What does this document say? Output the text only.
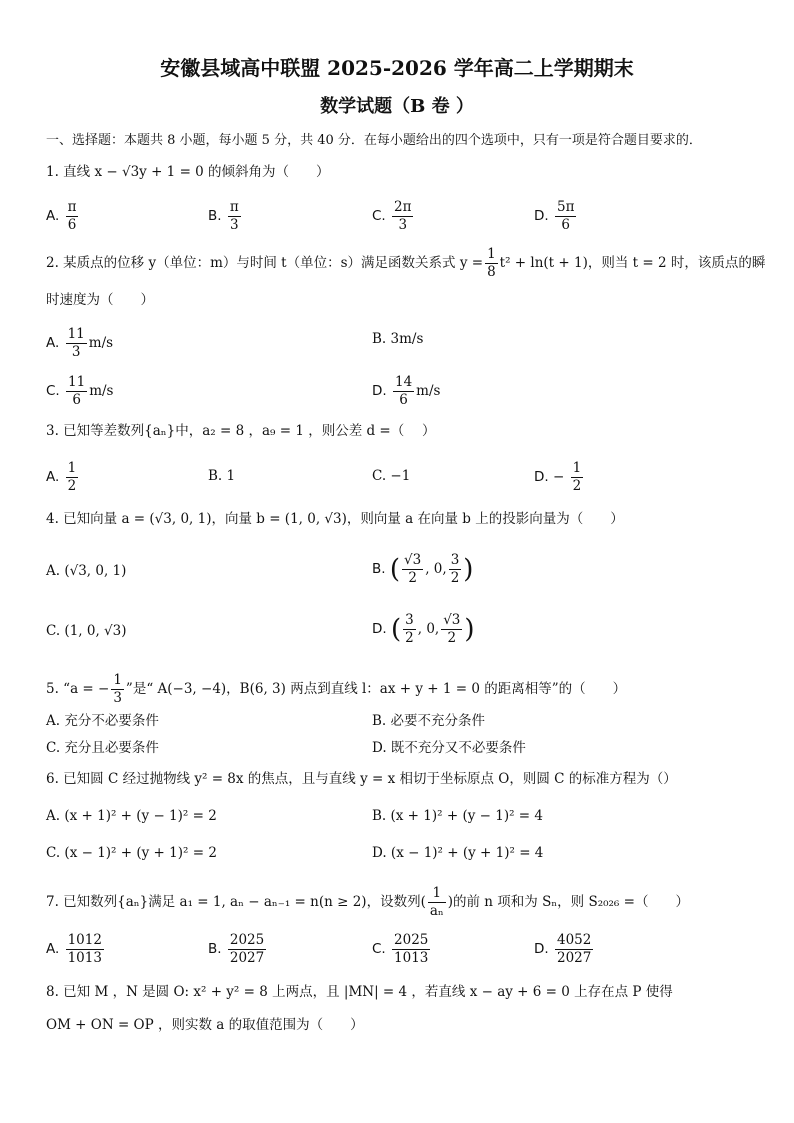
安徽县域高中联盟 2025-2026 学年高二上学期期末
数学试题（B 卷 ）
一、选择题：本题共 8 小题，每小题 5 分，共 40 分．在每小题给出的四个选项中，只有一项是符合题目要求的．
1. 直线 x − √3y + 1 = 0 的倾斜角为（　　）
A. $\frac{\pi}{6}$	B. $\frac{\pi}{3}$	C. $\frac{2\pi}{3}$	D. $\frac{5\pi}{6}$
2. 某质点的位移 y（单位：m）与时间 t（单位：s）满足函数关系式 $y = \frac{1}{8} t^2 + \ln(t + 1)$，则当 t = 2 时，该质点的瞬
时速度为（　　）
A. $\frac{11}{3} m/s$	B. 3m/s
C. $\frac{11}{6} m/s$	D. $\frac{14}{6} m/s$
3. 已知等差数列{aₙ}中，a₂ = 8 ，a₉ = 1 ，则公差 d =（　 ）
A. $\frac{1}{2}$	B. 1	C. −1	D. − $\frac{1}{2}$
4. 已知向量 a = (√3, 0, 1)，向量 b = (1, 0, √3)，则向量 a 在向量 b 上的投影向量为（　　）
A. (√3, 0, 1)	B. ( $\frac{√3}{2}$ , 0, $\frac{3}{2}$ )
C. (1, 0, √3)	D. ( $\frac{3}{2}$ , 0, $\frac{√3}{2}$ )
5. “a = − $\frac{1}{3}$ ”是“ A(−3, −4)，B(6, 3) 两点到直线 l：ax + y + 1 = 0 的距离相等”的（　　）
A. 充分不必要条件	B. 必要不充分条件
C. 充分且必要条件	D. 既不充分又不必要条件
6. 已知圆 C 经过抛物线 y² = 8x 的焦点，且与直线 y = x 相切于坐标原点 O，则圆 C 的标准方程为（）
A. (x + 1)² + (y − 1)² = 2	B. (x + 1)² + (y − 1)² = 4
C. (x − 1)² + (y + 1)² = 2	D. (x − 1)² + (y + 1)² = 4
7. 已知数列{aₙ}满足 a₁ = 1, aₙ − aₙ₋₁ = n(n ≥ 2)，设数列( $\frac{1}{\text{aₙ}}$ )的前 n 项和为 Sₙ，则 S₂₀₂₆ =（　　）
A. $\frac{1012}{1013}$	B. $\frac{2025}{2027}$	C. $\frac{2025}{1013}$	D. $\frac{4052}{2027}$
8. 已知 M ，N 是圆 O: x² + y² = 8 上两点，且 |MN| = 4 ，若直线 x − ay + 6 = 0 上存在点 P 使得
OM + ON = OP ，则实数 a 的取值范围为（　　）
